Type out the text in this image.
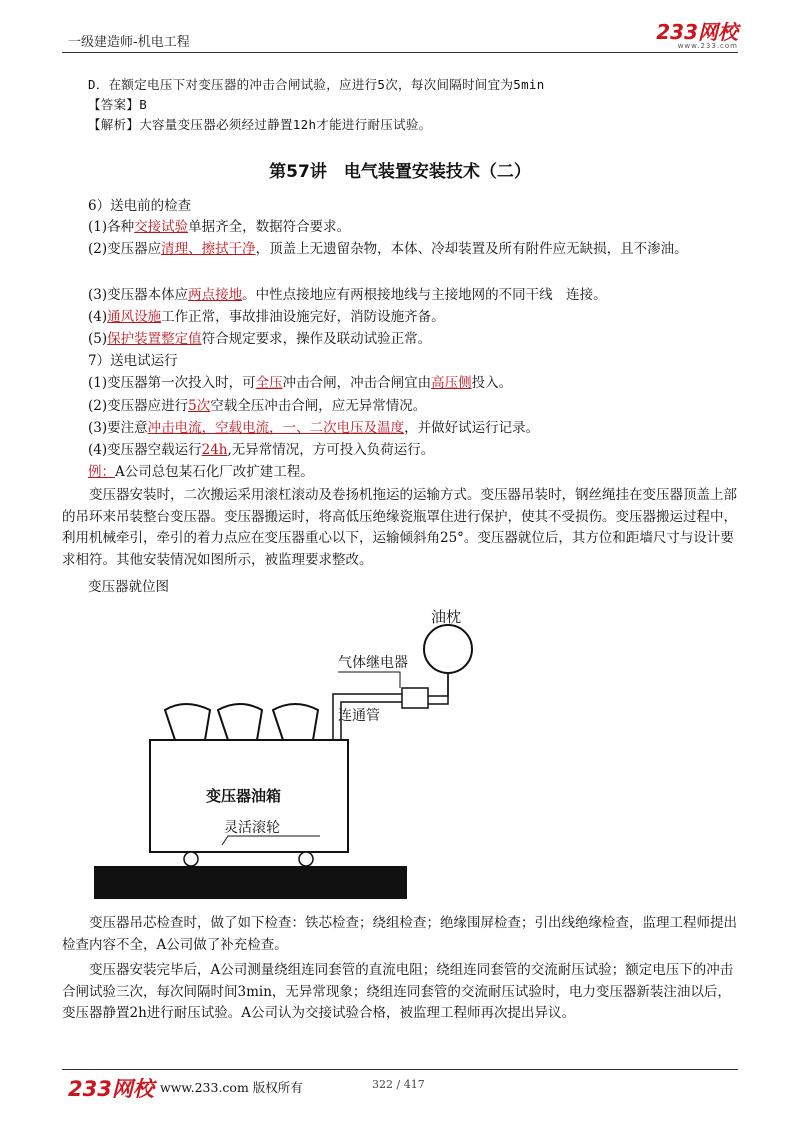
一级建造师-机电工程	233网校
www.233.com
D．在额定电压下对变压器的冲击合闸试验，应进行5次，每次间隔时间宜为5min
【答案】B
【解析】大容量变压器必须经过静置12h才能进行耐压试验。
第57讲　电气装置安装技术（二）
6）送电前的检查
(1)各种交接试验单据齐全，数据符合要求。
(2)变压器应清理、擦拭干净，顶盖上无遗留杂物，本体、冷却装置及所有附件应无缺损，且不渗油。
(3)变压器本体应两点接地。中性点接地应有两根接地线与主接地网的不同干线　连接。
(4)通风设施工作正常，事故排油设施完好，消防设施齐备。
(5)保护装置整定值符合规定要求，操作及联动试验正常。
7）送电试运行
(1)变压器第一次投入时，可全压冲击合闸，冲击合闸宜由高压侧投入。
(2)变压器应进行5次空载全压冲击合闸，应无异常情况。
(3)要注意冲击电流，空载电流，一、二次电压及温度，并做好试运行记录。
(4)变压器空载运行24h,无异常情况，方可投入负荷运行。
例：A公司总包某石化厂改扩建工程。
变压器安装时，二次搬运采用滚杠滚动及卷扬机拖运的运输方式。变压器吊装时，钢丝绳挂在变压器顶盖上部的吊环来吊装整台变压器。变压器搬运时，将高低压绝缘瓷瓶罩住进行保护，使其不受损伤。变压器搬运过程中，利用机械牵引，牵引的着力点应在变压器重心以下，运输倾斜角25°。变压器就位后，其方位和距墙尺寸与设计要求相符。其他安装情况如图所示，被监理要求整改。
变压器就位图
油枕
气体继电器
连通管
变压器油箱
灵活滚轮
变压器吊芯检查时，做了如下检查：铁芯检查；绕组检查；绝缘围屏检查；引出线绝缘检查，监理工程师提出检查内容不全，A公司做了补充检查。
变压器安装完毕后，A公司测量绕组连同套管的直流电阻；绕组连同套管的交流耐压试验；额定电压下的冲击合闸试验三次，每次间隔时间3min，无异常现象；绕组连同套管的交流耐压试验时，电力变压器新装注油以后，变压器静置2h进行耐压试验。A公司认为交接试验合格，被监理工程师再次提出异议。
233网校 www.233.com 版权所有	322 / 417
